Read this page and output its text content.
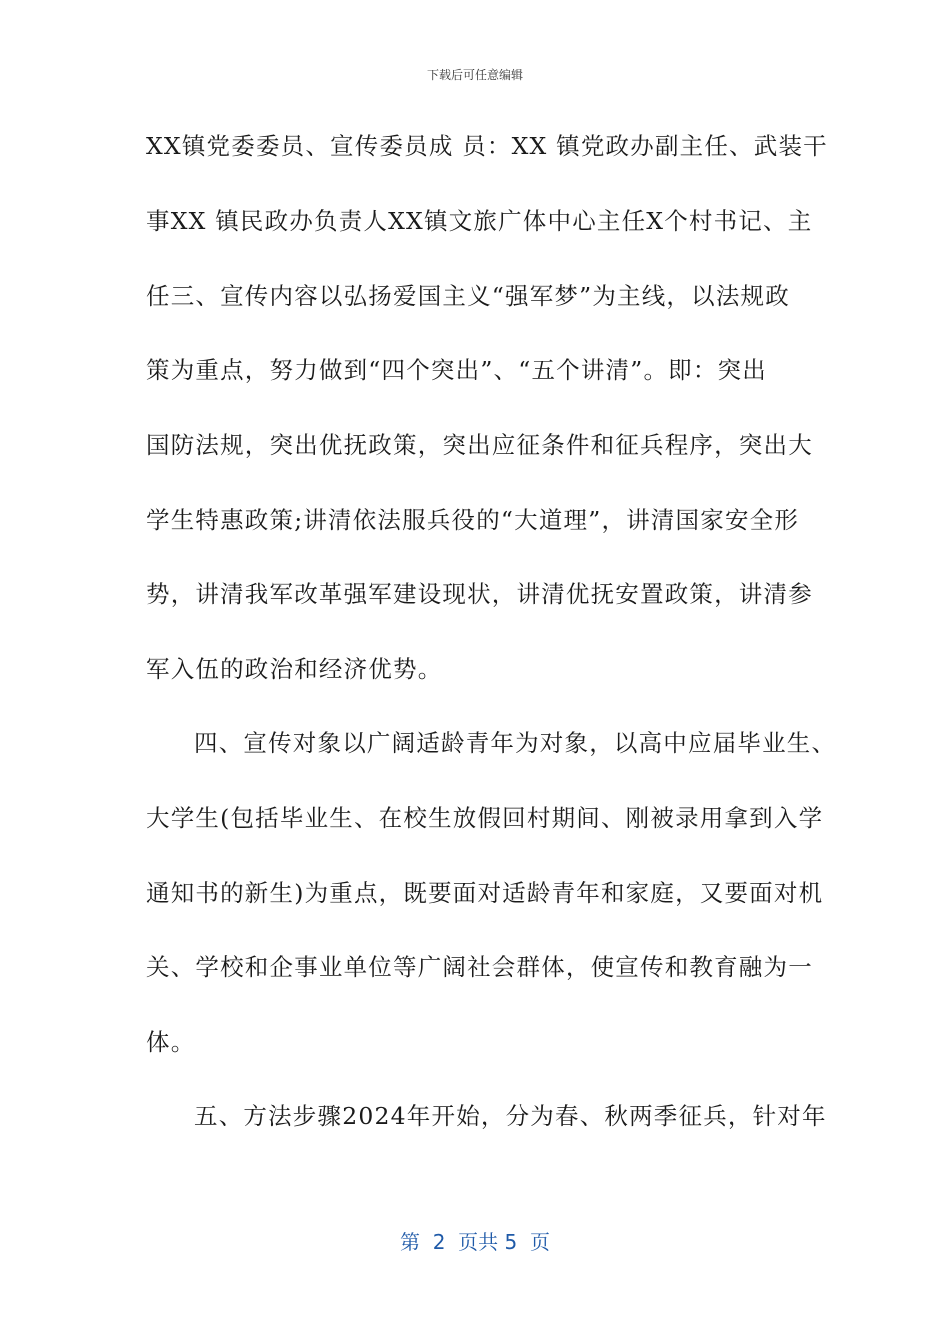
下载后可任意编辑
XX镇党委委员、宣传委员成 员：XX 镇党政办副主任、武装干
事XX 镇民政办负责人XX镇文旅广体中心主任X个村书记、主
任三、宣传内容以弘扬爱国主义“强军梦”为主线，以法规政
策为重点，努力做到“四个突出”、“五个讲清”。即：突出
国防法规，突出优抚政策，突出应征条件和征兵程序，突出大
学生特惠政策;讲清依法服兵役的“大道理”，讲清国家安全形
势，讲清我军改革强军建设现状，讲清优抚安置政策，讲清参
军入伍的政治和经济优势。
四、宣传对象以广阔适龄青年为对象，以高中应届毕业生、
大学生(包括毕业生、在校生放假回村期间、刚被录用拿到入学
通知书的新生)为重点，既要面对适龄青年和家庭，又要面对机
关、学校和企事业单位等广阔社会群体，使宣传和教育融为一
体。
五、方法步骤2024年开始，分为春、秋两季征兵，针对年
第  2  页共 5  页
